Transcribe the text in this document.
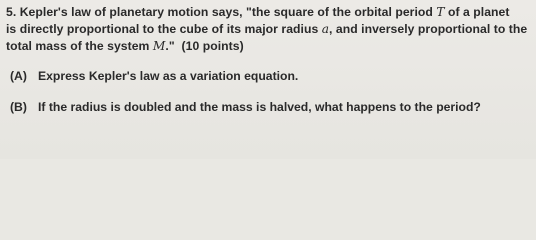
5. Kepler's law of planetary motion says, "the square of the orbital period T of a planet
is directly proportional to the cube of its major radius a, and inversely proportional to the
total mass of the system M." (10 points)
(A) Express Kepler's law as a variation equation.
(B) If the radius is doubled and the mass is halved, what happens to the period?
